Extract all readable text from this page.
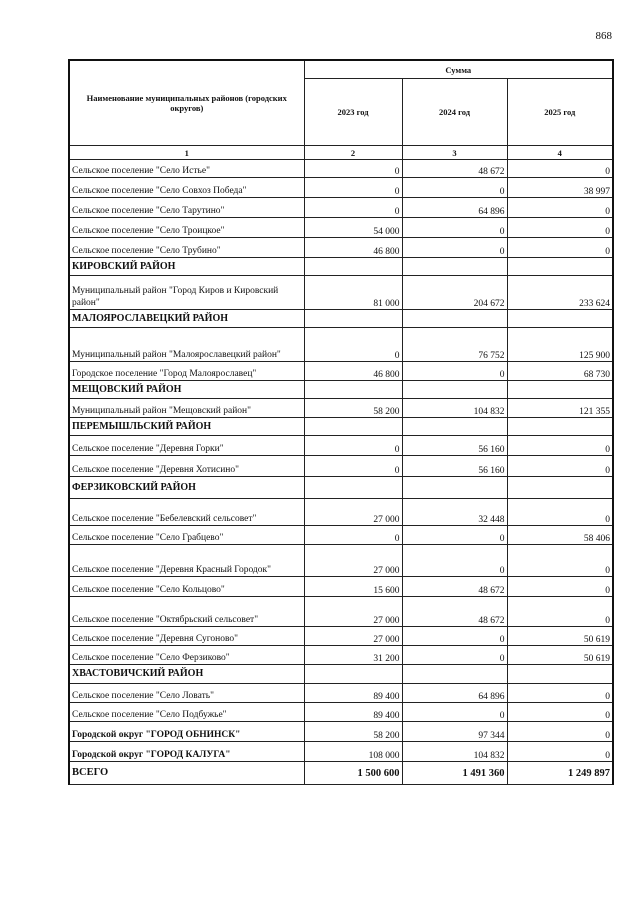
868
Наименование муниципальных районов (городских округов)	Сумма		
	2023 год	2024 год	2025 год
1	2	3	4
Сельское поселение "Село Истье"	0	48 672	0
Сельское поселение "Село Совхоз Победа"	0	0	38 997
Сельское поселение "Село Тарутино"	0	64 896	0
Сельское поселение "Село Троицкое"	54 000	0	0
Сельское поселение "Село Трубино"	46 800	0	0
КИРОВСКИЙ РАЙОН			
Муниципальный район "Город Киров и Кировский район"	81 000	204 672	233 624
МАЛОЯРОСЛАВЕЦКИЙ РАЙОН			
Муниципальный район "Малоярославецкий район"	0	76 752	125 900
Городское поселение "Город Малоярославец"	46 800	0	68 730
МЕЩОВСКИЙ РАЙОН			
Муниципальный район "Мещовский район"	58 200	104 832	121 355
ПЕРЕМЫШЛЬСКИЙ РАЙОН			
Сельское поселение "Деревня Горки"	0	56 160	0
Сельское поселение "Деревня Хотисино"	0	56 160	0
ФЕРЗИКОВСКИЙ РАЙОН			
Сельское поселение "Бебелевский сельсовет"	27 000	32 448	0
Сельское поселение "Село Грабцево"	0	0	58 406
Сельское поселение "Деревня Красный Городок"	27 000	0	0
Сельское поселение "Село Кольцово"	15 600	48 672	0
Сельское поселение "Октябрьский сельсовет"	27 000	48 672	0
Сельское поселение "Деревня Сугоново"	27 000	0	50 619
Сельское поселение "Село Ферзиково"	31 200	0	50 619
ХВАСТОВИЧСКИЙ РАЙОН			
Сельское поселение "Село Ловать"	89 400	64 896	0
Сельское поселение "Село Подбужье"	89 400	0	0
Городской округ "ГОРОД ОБНИНСК"	58 200	97 344	0
Городской округ "ГОРОД КАЛУГА"	108 000	104 832	0
ВСЕГО	1 500 600	1 491 360	1 249 897
